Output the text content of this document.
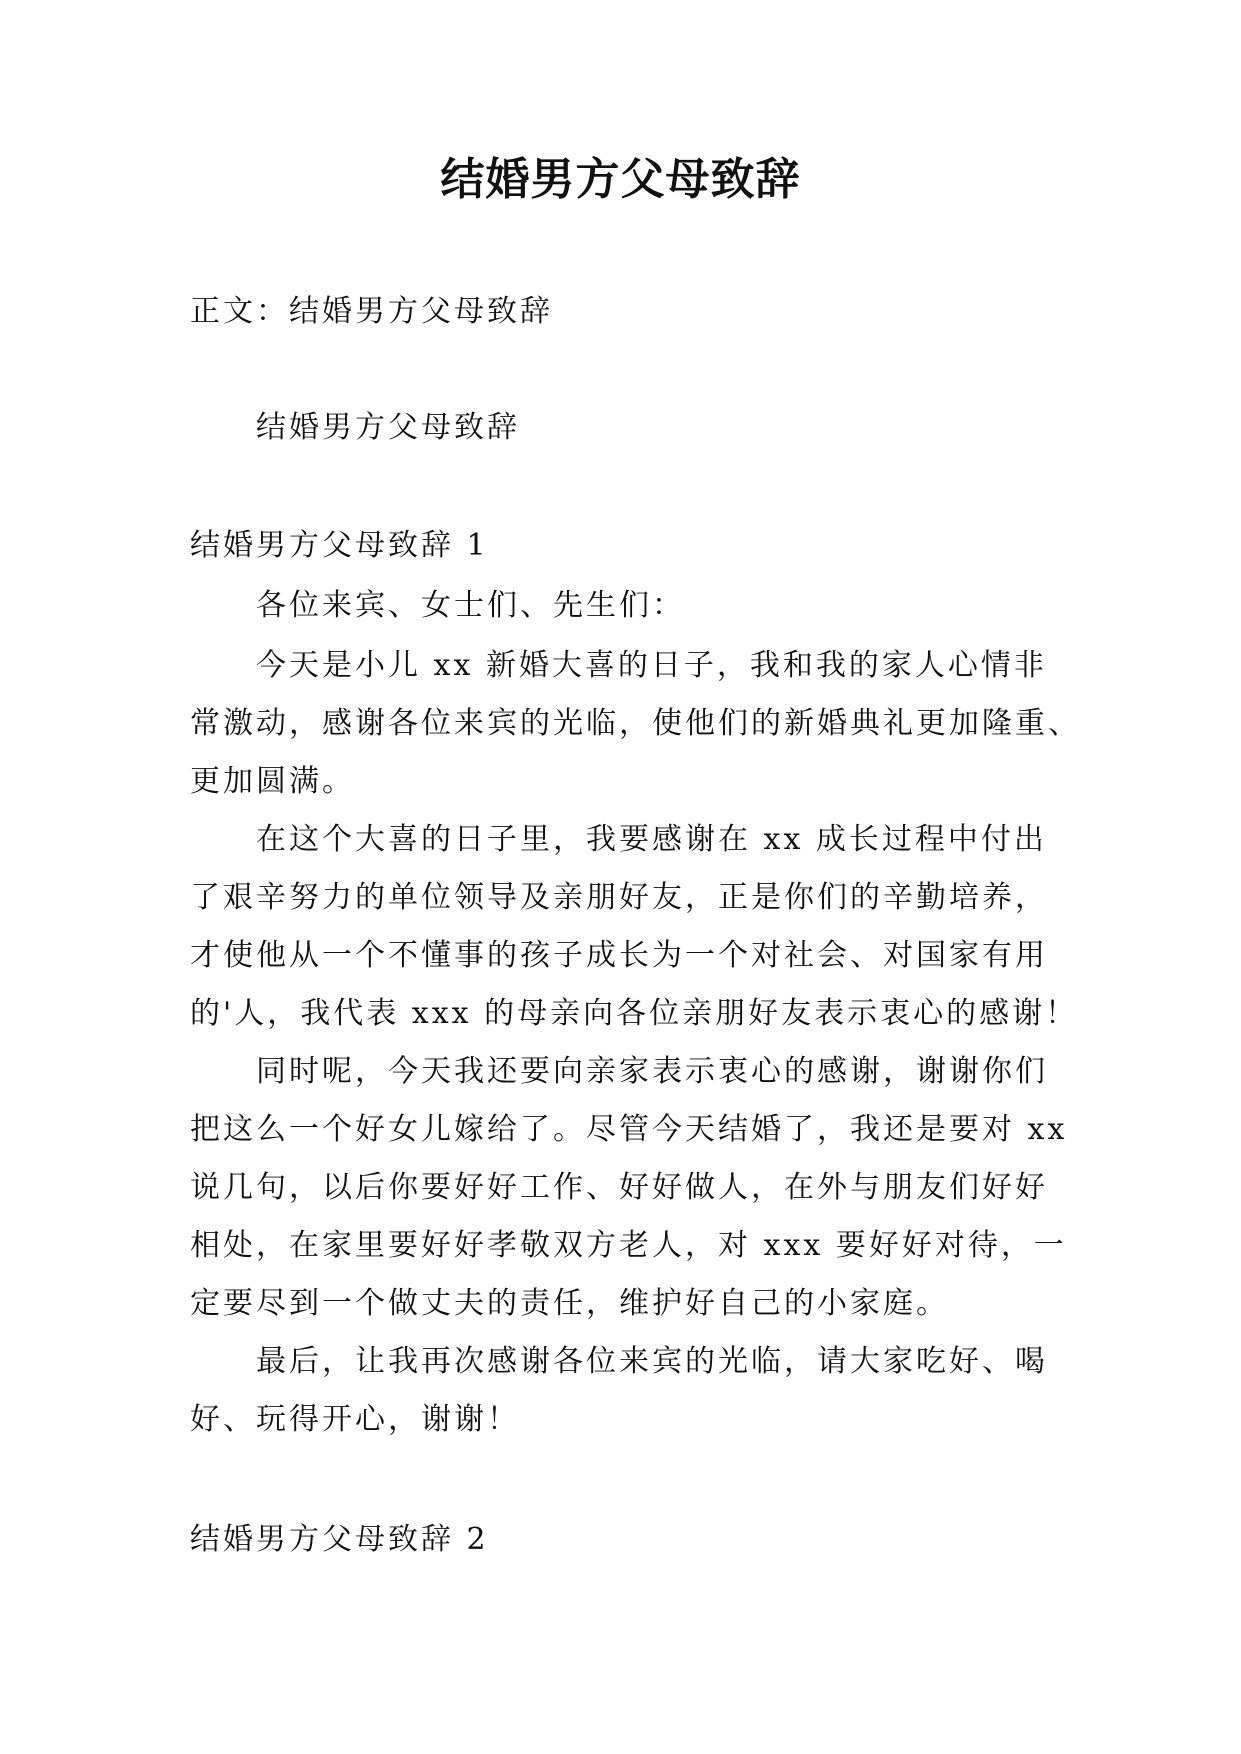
结婚男方父母致辞
正文：结婚男方父母致辞
结婚男方父母致辞
结婚男方父母致辞 1
各位来宾、女士们、先生们：
今天是小儿 xx 新婚大喜的日子，我和我的家人心情非
常激动，感谢各位来宾的光临，使他们的新婚典礼更加隆重、
更加圆满。
在这个大喜的日子里，我要感谢在 xx 成长过程中付出
了艰辛努力的单位领导及亲朋好友，正是你们的辛勤培养，
才使他从一个不懂事的孩子成长为一个对社会、对国家有用
的'人，我代表 xxx 的母亲向各位亲朋好友表示衷心的感谢！
同时呢，今天我还要向亲家表示衷心的感谢，谢谢你们
把这么一个好女儿嫁给了。尽管今天结婚了，我还是要对 xx
说几句，以后你要好好工作、好好做人，在外与朋友们好好
相处，在家里要好好孝敬双方老人，对 xxx 要好好对待，一
定要尽到一个做丈夫的责任，维护好自己的小家庭。
最后，让我再次感谢各位来宾的光临，请大家吃好、喝
好、玩得开心，谢谢！
结婚男方父母致辞 2
